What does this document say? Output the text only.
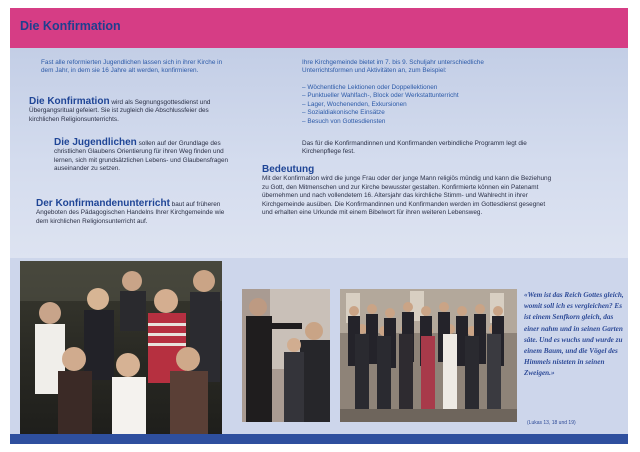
Die Konfirmation

Fast alle reformierten Jugendlichen lassen sich in ihrer Kirche in dem Jahr, in dem sie 16 Jahre alt werden, konfirmieren.

Die Konfirmation wird als Segnungsgottesdienst und Übergangsritual gefeiert. Sie ist zugleich die Abschlussfeier des kirchlichen Religionsunterrichts.

Die Jugendlichen sollen auf der Grundlage des christlichen Glaubens Orientierung für ihren Weg finden und lernen, sich mit grundsätzlichen Lebens- und Glaubensfragen auseinander zu setzen.

Der Konfirmandenunterricht baut auf früheren Angeboten des Pädagogischen Handelns Ihrer Kirchgemeinde wie dem kirchlichen Religionsunterricht auf.

Ihre Kirchgemeinde bietet im 7. bis 9. Schuljahr unterschiedliche Unterrichtsformen und Aktivitäten an, zum Beispiel:

– Wöchentliche Lektionen oder Doppellektionen
– Punktueller Wahlfach-, Block oder Werkstattunterricht
– Lager, Wochenenden, Exkursionen
– Sozialdiakonische Einsätze
– Besuch von Gottesdiensten

Das für die Konfirmandinnen und Konfirmanden verbindliche Programm legt die Kirchenpflege fest.

Bedeutung

Mit der Konfirmation wird die junge Frau oder der junge Mann religiös mündig und kann die Beziehung zu Gott, den Mitmenschen und zur Kirche bewusster gestalten. Konfirmierte können ein Patenamt übernehmen und nach vollendetem 16. Altersjahr das kirchliche Stimm- und Wahlrecht in ihrer Kirchgemeinde ausüben. Die Konfirmandinnen und Konfirmanden werden im Gottesdienst gesegnet und erhalten eine Urkunde mit einem Bibelwort für ihren weiteren Lebensweg.

«Wem ist das Reich Gottes gleich, womit soll ich es vergleichen? Es ist einem Senfkorn gleich, das einer nahm und in seinen Garten säte. Und es wuchs und wurde zu einem Baum, und die Vögel des Himmels nisteten in seinen Zweigen.»
(Lukas 13, 18 und 19)
